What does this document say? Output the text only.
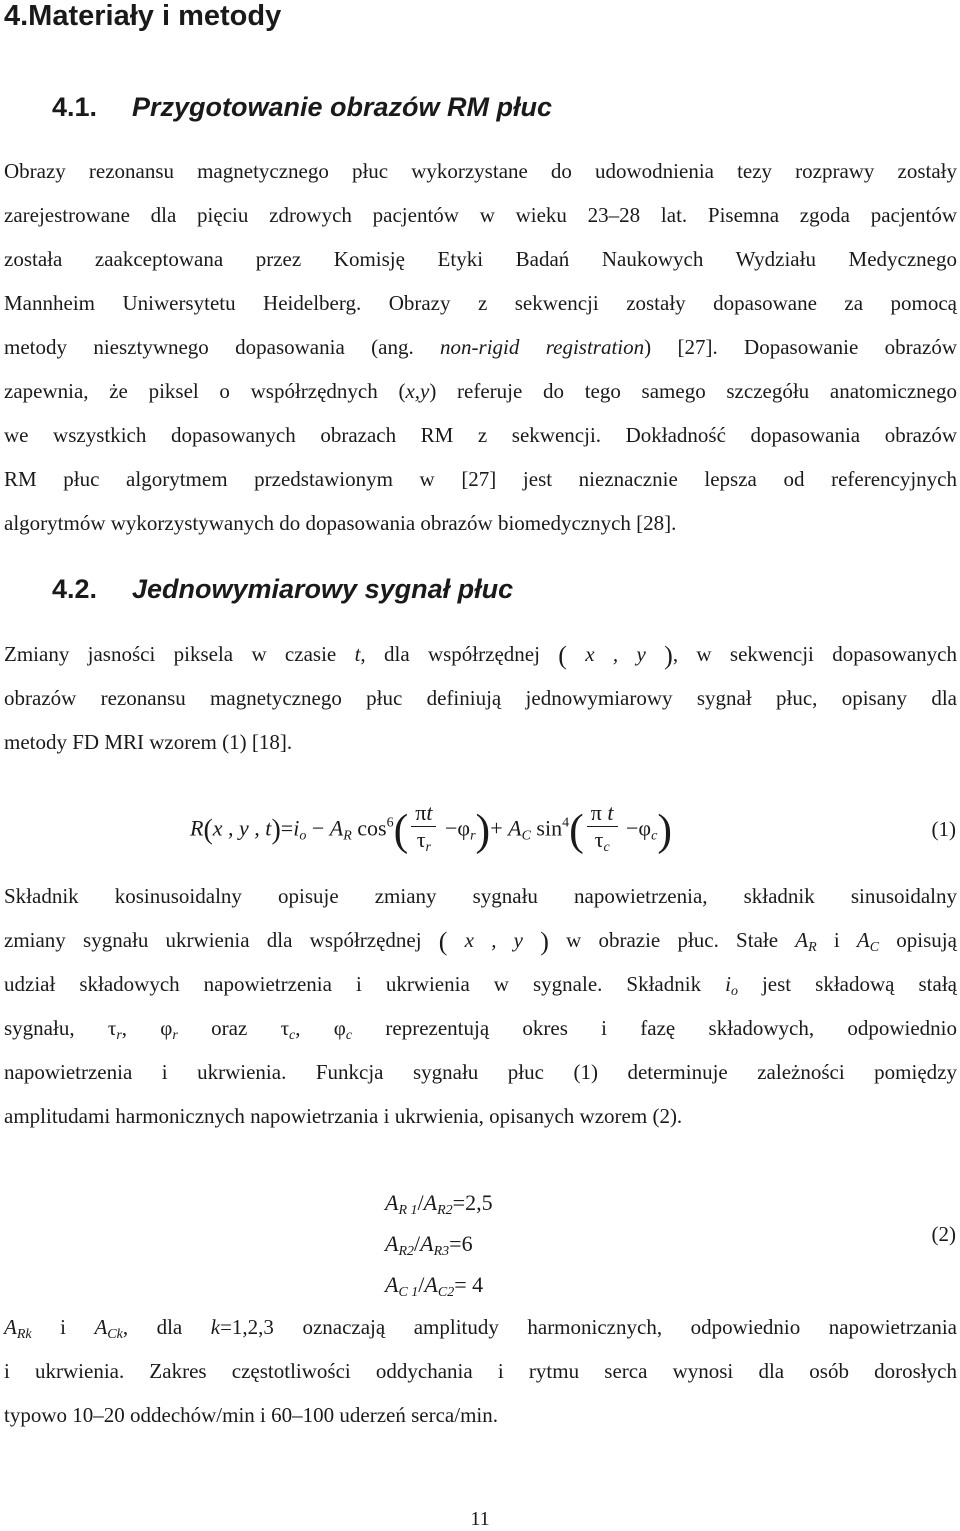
4.Materiały i metody
4.1. Przygotowanie obrazów RM płuc
Obrazy rezonansu magnetycznego płuc wykorzystane do udowodnienia tezy rozprawy zostały
zarejestrowane dla pięciu zdrowych pacjentów w wieku 23–28 lat. Pisemna zgoda pacjentów
została zaakceptowana przez Komisję Etyki Badań Naukowych Wydziału Medycznego
Mannheim Uniwersytetu Heidelberg. Obrazy z sekwencji zostały dopasowane za pomocą
metody niesztywnego dopasowania (ang. non-rigid registration) [27]. Dopasowanie obrazów
zapewnia, że piksel o współrzędnych (x,y) referuje do tego samego szczegółu anatomicznego
we wszystkich dopasowanych obrazach RM z sekwencji. Dokładność dopasowania obrazów
RM płuc algorytmem przedstawionym w [27] jest nieznacznie lepsza od referencyjnych
algorytmów wykorzystywanych do dopasowania obrazów biomedycznych [28].
4.2. Jednowymiarowy sygnał płuc
Zmiany jasności piksela w czasie t, dla współrzędnej ( x , y ), w sekwencji dopasowanych
obrazów rezonansu magnetycznego płuc definiują jednowymiarowy sygnał płuc, opisany dla
metody FD MRI wzorem (1) [18].
R(x , y , $t)=i_o - A_R$ $\cos^6( \frac{\pi t}{\tau_r} -\varphi_r)+ A_C$ $\sin^4( \frac{\text{π t}}{\tau_c} -\varphi_c)$	(1)
Składnik kosinusoidalny opisuje zmiany sygnału napowietrzenia, składnik sinusoidalny
zmiany sygnału ukrwienia dla współrzędnej ( x , y ) w obrazie płuc. Stałe $A_R$ i $A_C$ opisują
udział składowych napowietrzenia i ukrwienia w sygnale. Składnik $i_o$ jest składową stałą
sygnału, $\tau_r$, $\varphi_r$ oraz $\tau_c$, $\varphi_c$ reprezentują okres i fazę składowych, odpowiednio
napowietrzenia i ukrwienia. Funkcja sygnału płuc (1) determinuje zależności pomiędzy
amplitudami harmonicznych napowietrzania i ukrwienia, opisanych wzorem (2).
$A_{R 1}/A_{R2}=2,5$
$A_{R2}/A_{R3}=6$
$A_{C 1}/A_{C2}= 4$
(2)
$A_{Rk}$ i $A_{Ck}$, dla k=1,2,3 oznaczają amplitudy harmonicznych, odpowiednio napowietrzania
i ukrwienia. Zakres częstotliwości oddychania i rytmu serca wynosi dla osób dorosłych
typowo 10–20 oddechów/min i 60–100 uderzeń serca/min.
11
